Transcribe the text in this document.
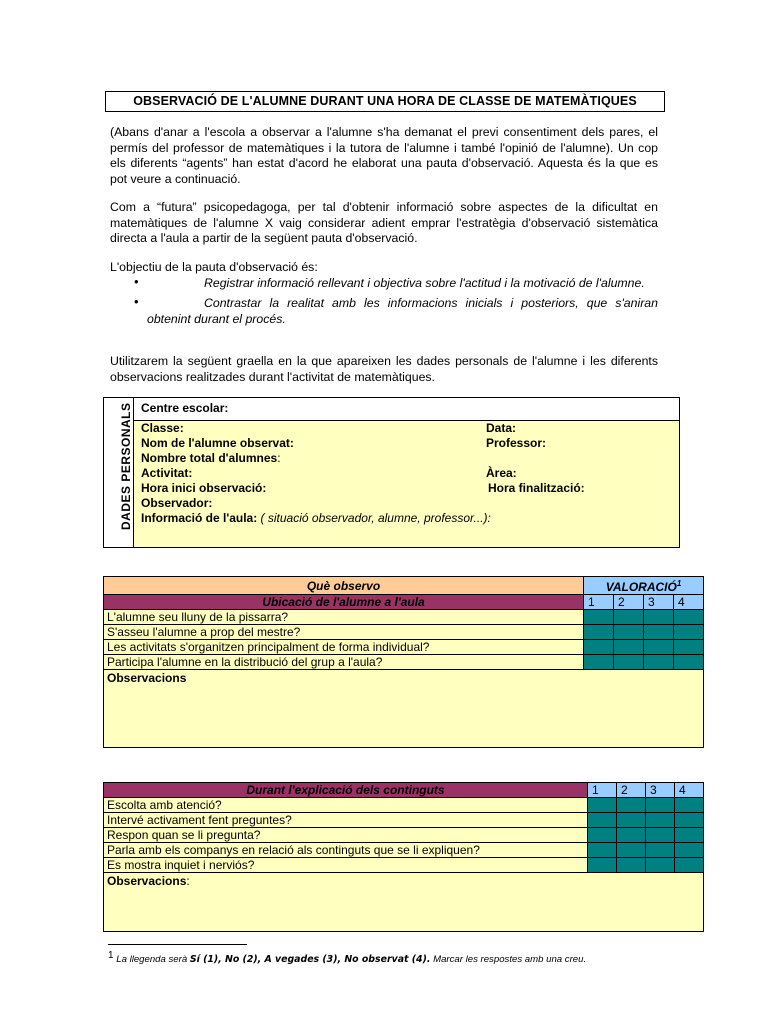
OBSERVACIÓ DE L'ALUMNE DURANT UNA HORA DE CLASSE DE MATEMÀTIQUES
(Abans d'anar a l'escola a observar a l'alumne s'ha demanat el previ consentiment dels pares, el permís del professor de matemàtiques i la tutora de l'alumne i també l'opinió de l'alumne). Un cop els diferents “agents” han estat d'acord he elaborat una pauta d'observació. Aquesta és la que es pot veure a continuació.
Com a “futura” psicopedagoga, per tal d'obtenir informació sobre aspectes de la dificultat en matemàtiques de l'alumne X vaig considerar adient emprar l'estratègia d'observació sistemàtica directa a l'aula a partir de la següent pauta d'observació.
L'objectiu de la pauta d'observació és:
•	Registrar informació rellevant i objectiva sobre l'actitud i la motivació de l'alumne.
•	Contrastar la realitat amb les informacions inicials i posteriors, que s'aniran obtenint durant el procés.
Utilitzarem la següent graella en la que apareixen les dades personals de l'alumne i les diferents observacions realitzades durant l'activitat de matemàtiques.
DADES PERSONALS Centre escolar:
Classe:	Data:
Nom de l'alumne observat:	Professor:
Nombre total d'alumnes:
Activitat:	Àrea:
Hora inici observació:	Hora finalització:
Observador:
Informació de l'aula: ( situació observador, alumne, professor...):
Què observo	VALORACIÓ$^1$
Ubicació de l'alumne a l'aula	1	2	3	4
L'alumne seu lluny de la pissarra?				
S'asseu l'alumne a prop del mestre?				
Les activitats s'organitzen principalment de forma individual?				
Participa l'alumne en la distribució del grup a l'aula?				
Observacions				
Durant l'explicació dels continguts	1	2	3	4
Escolta amb atenció?				
Intervé activament fent preguntes?				
Respon quan se li pregunta?				
Parla amb els companys en relació als continguts que se li expliquen?				
Es mostra inquiet i nerviós?				
Observacions:				
$^1$ La llegenda serà Sí (1), No (2), A vegades (3), No observat (4). Marcar les respostes amb una creu.
